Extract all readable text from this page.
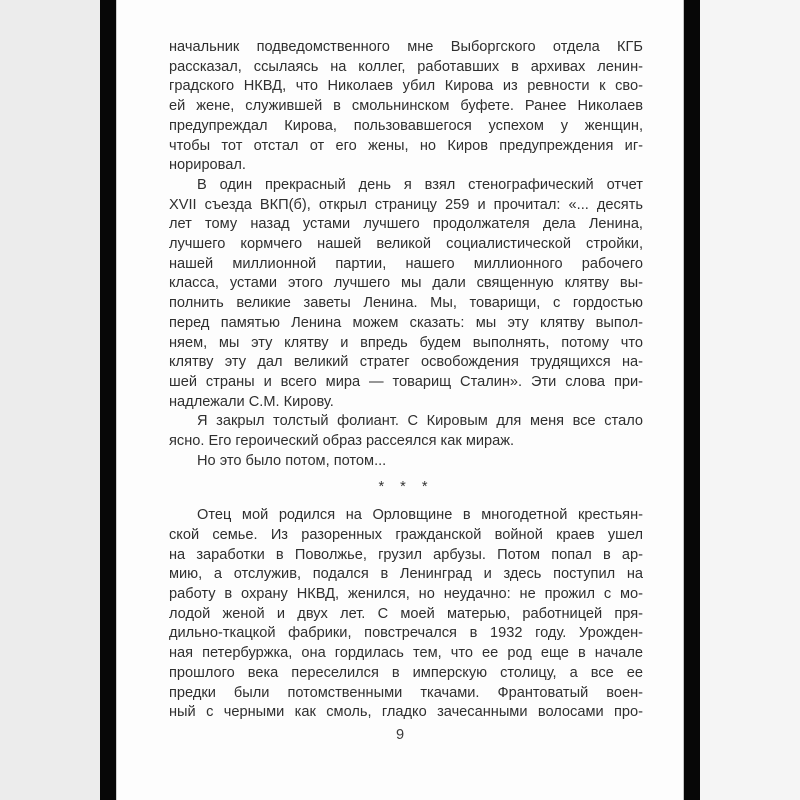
начальник подведомственного мне Выборгского отдела КГБ
рассказал, ссылаясь на коллег, работавших в архивах ленин-
градского НКВД, что Николаев убил Кирова из ревности к сво-
ей жене, служившей в смольнинском буфете. Ранее Николаев
предупреждал Кирова, пользовавшегося успехом у женщин,
чтобы тот отстал от его жены, но Киров предупреждения иг-
норировал.
В один прекрасный день я взял стенографический отчет
XVII съезда ВКП(б), открыл страницу 259 и прочитал: «... десять
лет тому назад устами лучшего продолжателя дела Ленина,
лучшего кормчего нашей великой социалистической стройки,
нашей миллионной партии, нашего миллионного рабочего
класса, устами этого лучшего мы дали священную клятву вы-
полнить великие заветы Ленина. Мы, товарищи, с гордостью
перед памятью Ленина можем сказать: мы эту клятву выпол-
няем, мы эту клятву и впредь будем выполнять, потому что
клятву эту дал великий стратег освобождения трудящихся на-
шей страны и всего мира — товарищ Сталин». Эти слова при-
надлежали С.М. Кирову.
Я закрыл толстый фолиант. С Кировым для меня все стало
ясно. Его героический образ рассеялся как мираж.
Но это было потом, потом...
* * *
Отец мой родился на Орловщине в многодетной крестьян-
ской семье. Из разоренных гражданской войной краев ушел
на заработки в Поволжье, грузил арбузы. Потом попал в ар-
мию, а отслужив, подался в Ленинград и здесь поступил на
работу в охрану НКВД, женился, но неудачно: не прожил с мо-
лодой женой и двух лет. С моей матерью, работницей пря-
дильно-ткацкой фабрики, повстречался в 1932 году. Урожден-
ная петербуржка, она гордилась тем, что ее род еще в начале
прошлого века переселился в имперскую столицу, а все ее
предки были потомственными ткачами. Франтоватый воен-
ный с черными как смоль, гладко зачесанными волосами про-
9
